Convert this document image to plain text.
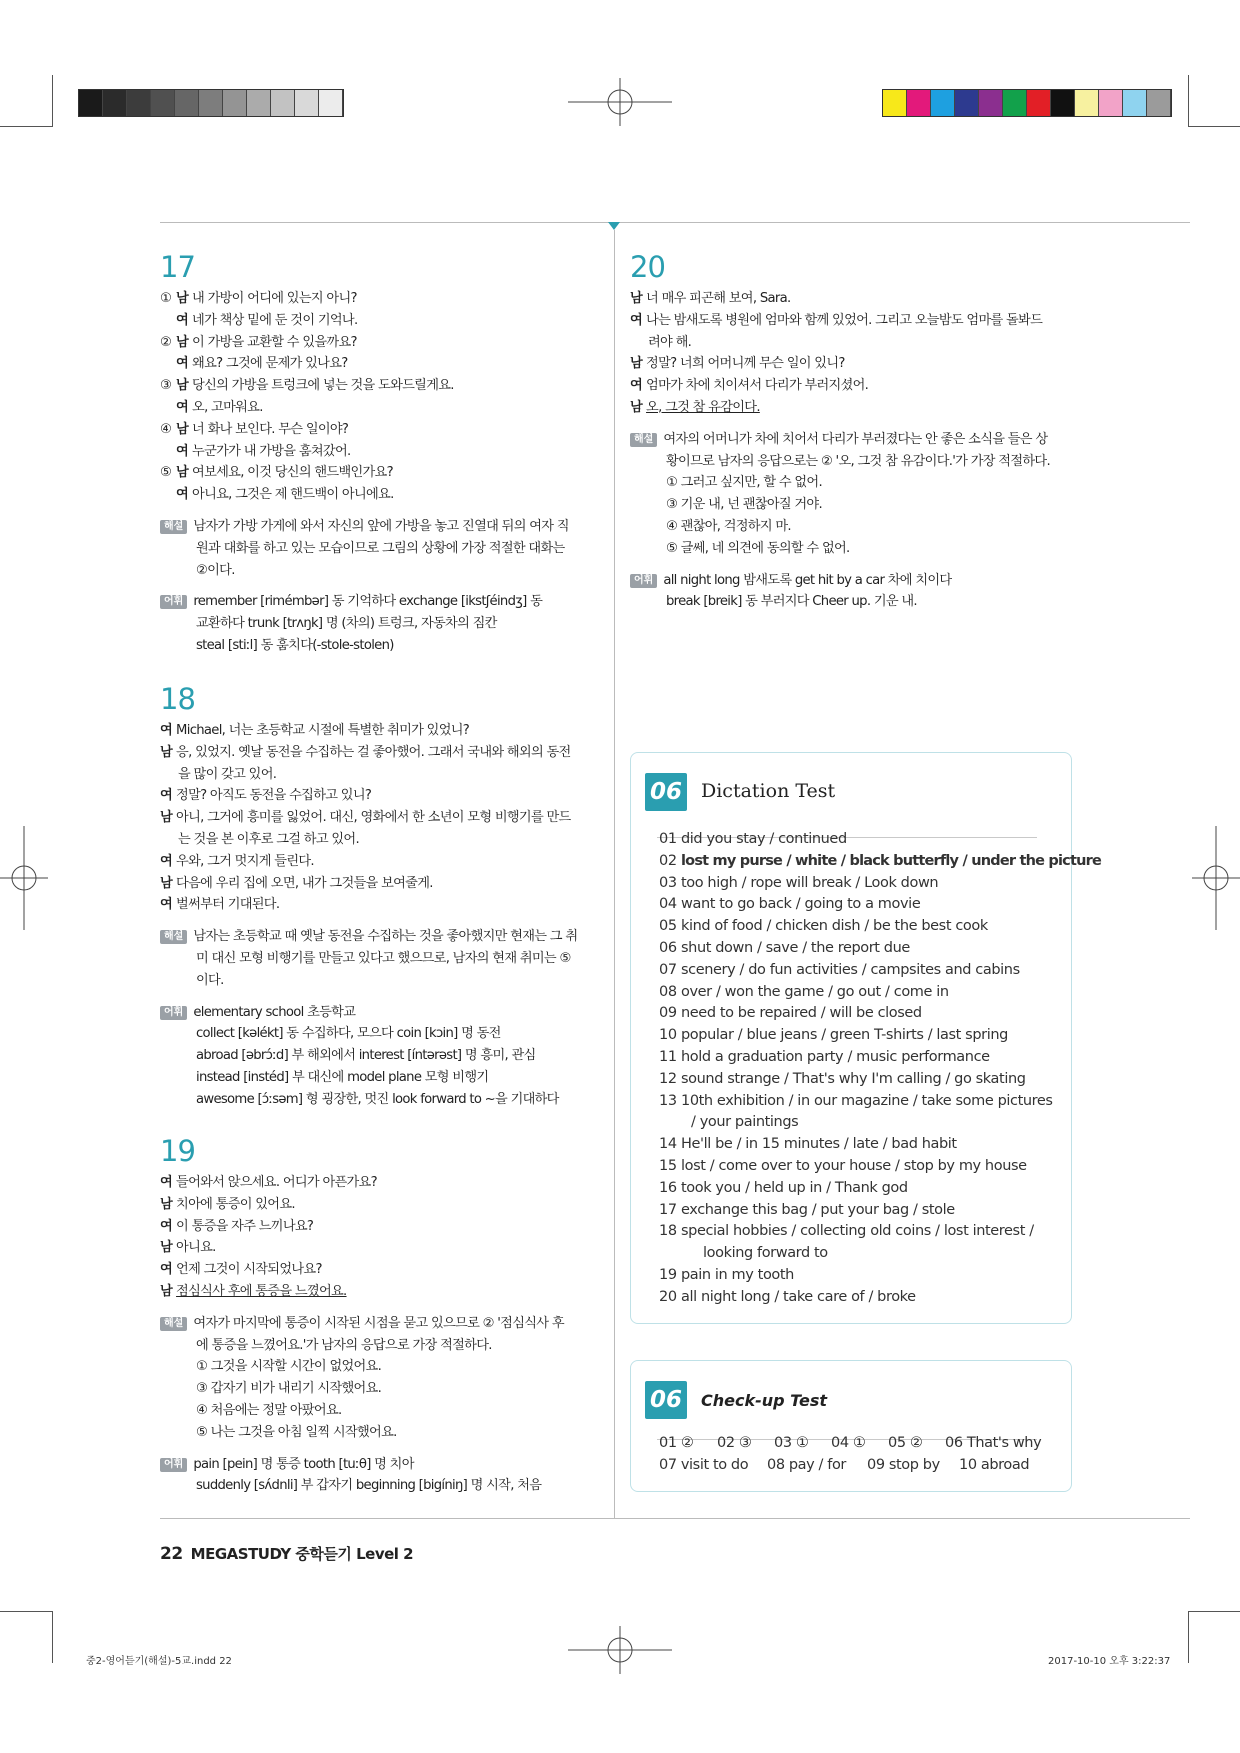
17
① 남 내 가방이 어디에 있는지 아니?
여 네가 책상 밑에 둔 것이 기억나.
② 남 이 가방을 교환할 수 있을까요?
여 왜요? 그것에 문제가 있나요?
③ 남 당신의 가방을 트렁크에 넣는 것을 도와드릴게요.
여 오, 고마워요.
④ 남 너 화나 보인다. 무슨 일이야?
여 누군가가 내 가방을 훔쳐갔어.
⑤ 남 여보세요, 이것 당신의 핸드백인가요?
여 아니요, 그것은 제 핸드백이 아니에요.
해설 남자가 가방 가게에 와서 자신의 앞에 가방을 놓고 진열대 뒤의 여자 직
원과 대화를 하고 있는 모습이므로 그림의 상황에 가장 적절한 대화는
②이다.
어휘 remember [rimémbər] 동 기억하다 exchange [ikstʃéindʒ] 동
교환하다 trunk [trʌŋk] 명 (차의) 트렁크, 자동차의 짐칸
steal [stiːl] 동 훔치다(-stole-stolen)
18
여 Michael, 너는 초등학교 시절에 특별한 취미가 있었니?
남 응, 있었지. 옛날 동전을 수집하는 걸 좋아했어. 그래서 국내와 해외의 동전
을 많이 갖고 있어.
여 정말? 아직도 동전을 수집하고 있니?
남 아니, 그거에 흥미를 잃었어. 대신, 영화에서 한 소년이 모형 비행기를 만드
는 것을 본 이후로 그걸 하고 있어.
여 우와, 그거 멋지게 들린다.
남 다음에 우리 집에 오면, 내가 그것들을 보여줄게.
여 벌써부터 기대된다.
해설 남자는 초등학교 때 옛날 동전을 수집하는 것을 좋아했지만 현재는 그 취
미 대신 모형 비행기를 만들고 있다고 했으므로, 남자의 현재 취미는 ⑤
이다.
어휘 elementary school 초등학교
collect [kəlékt] 동 수집하다, 모으다 coin [kɔin] 명 동전
abroad [əbrɔ́ːd] 부 해외에서 interest [íntərəst] 명 흥미, 관심
instead [instéd] 부 대신에 model plane 모형 비행기
awesome [ɔ́ːsəm] 형 굉장한, 멋진 look forward to ~을 기대하다
19
여 들어와서 앉으세요. 어디가 아픈가요?
남 치아에 통증이 있어요.
여 이 통증을 자주 느끼나요?
남 아니요.
여 언제 그것이 시작되었나요?
남 점심식사 후에 통증을 느꼈어요.
해설 여자가 마지막에 통증이 시작된 시점을 묻고 있으므로 ② '점심식사 후
에 통증을 느꼈어요.'가 남자의 응답으로 가장 적절하다.
① 그것을 시작할 시간이 없었어요.
③ 갑자기 비가 내리기 시작했어요.
④ 처음에는 정말 아팠어요.
⑤ 나는 그것을 아침 일찍 시작했어요.
어휘 pain [pein] 명 통증 tooth [tuːθ] 명 치아
suddenly [sʌ́dnli] 부 갑자기 beginning [bigíniŋ] 명 시작, 처음
20
남 너 매우 피곤해 보여, Sara.
여 나는 밤새도록 병원에 엄마와 함께 있었어. 그리고 오늘밤도 엄마를 돌봐드
려야 해.
남 정말? 너희 어머니께 무슨 일이 있니?
여 엄마가 차에 치이셔서 다리가 부러지셨어.
남 오, 그것 참 유감이다.
해설 여자의 어머니가 차에 치어서 다리가 부러졌다는 안 좋은 소식을 들은 상
황이므로 남자의 응답으로는 ② '오, 그것 참 유감이다.'가 가장 적절하다.
① 그러고 싶지만, 할 수 없어.
③ 기운 내, 넌 괜찮아질 거야.
④ 괜찮아, 걱정하지 마.
⑤ 글쎄, 네 의견에 동의할 수 없어.
어휘 all night long 밤새도록 get hit by a car 차에 치이다
break [breik] 동 부러지다 Cheer up. 기운 내.
06 Dictation Test
01 did you stay / continued
02 lost my purse / white / black butterfly / under the picture
03 too high / rope will break / Look down
04 want to go back / going to a movie
05 kind of food / chicken dish / be the best cook
06 shut down / save / the report due
07 scenery / do fun activities / campsites and cabins
08 over / won the game / go out / come in
09 need to be repaired / will be closed
10 popular / blue jeans / green T-shirts / last spring
11 hold a graduation party / music performance
12 sound strange / That's why I'm calling / go skating
13 10th exhibition / in our magazine / take some pictures
/ your paintings
14 He'll be / in 15 minutes / late / bad habit
15 lost / come over to your house / stop by my house
16 took you / held up in / Thank god
17 exchange this bag / put your bag / stole
18 special hobbies / collecting old coins / lost interest /
looking forward to
19 pain in my tooth
20 all night long / take care of / broke
06	Check-up Test
01 ② 02 ③ 03 ① 04 ① 05 ② 06 That's why
07 visit to do 08 pay / for 09 stop by 10 abroad
22 MEGASTUDY 중학듣기 Level 2
중2-영어듣기(해설)-5교.indd 22	2017-10-10 오후 3:22:37
